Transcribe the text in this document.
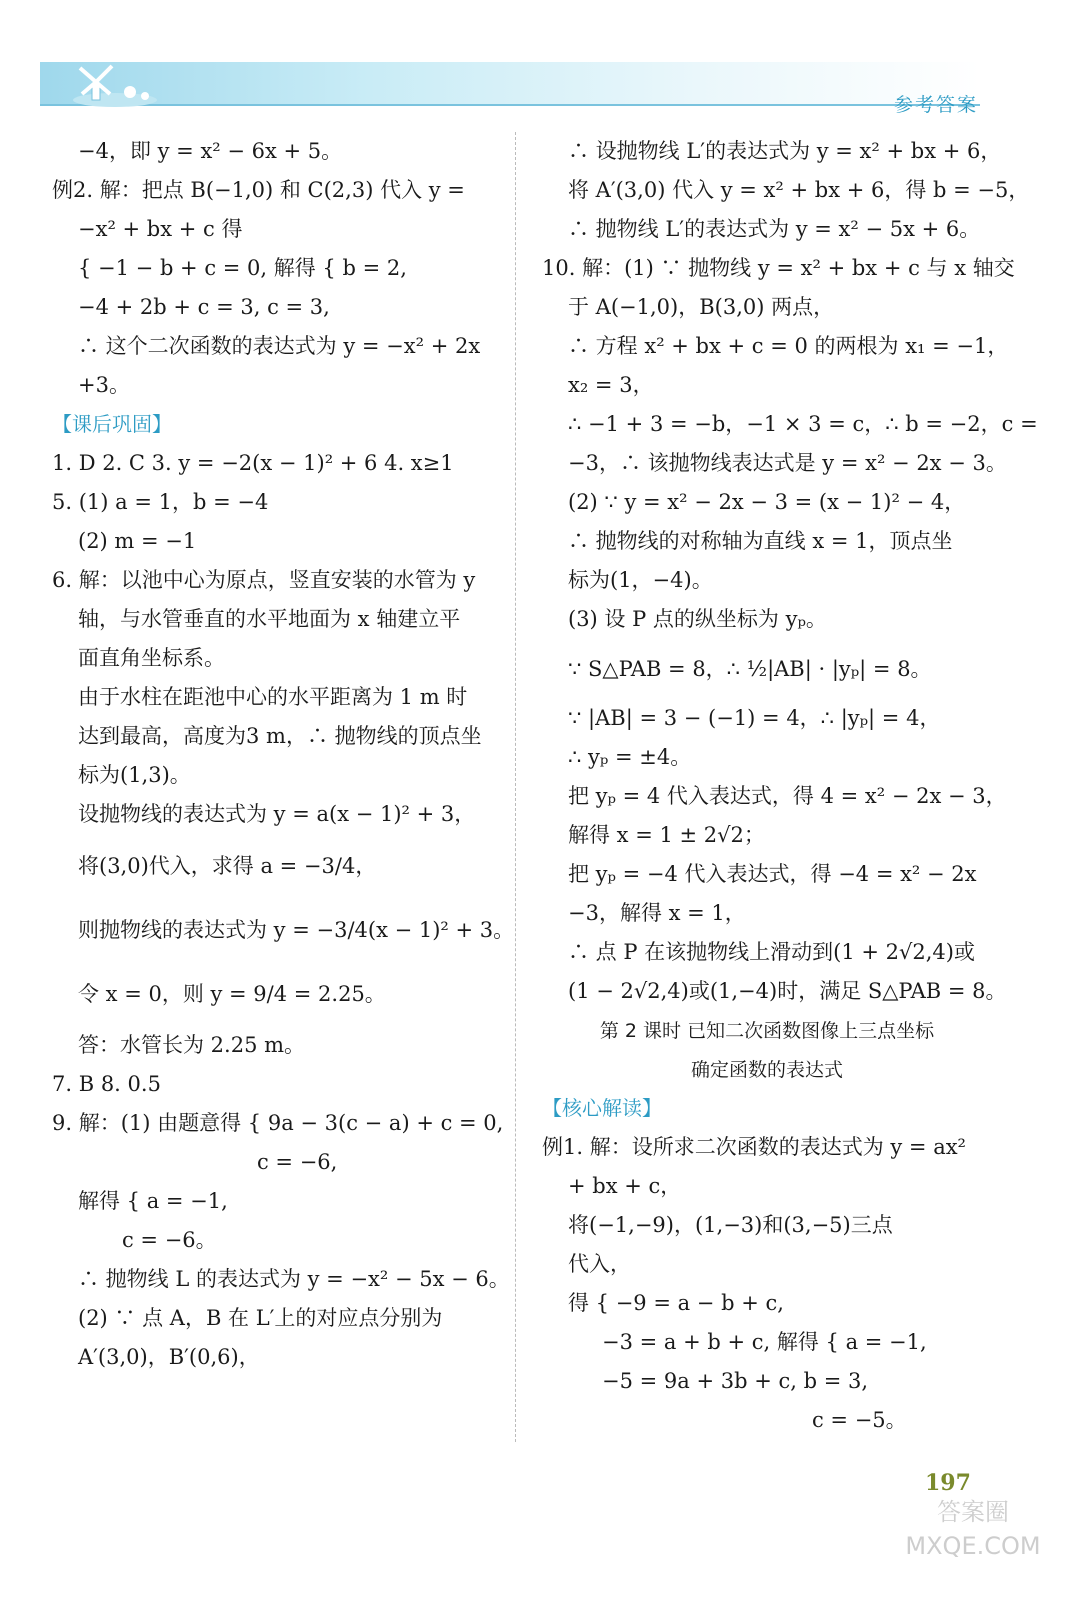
参考答案
−4，即 y = x² − 6x + 5。
例2. 解：把点 B(−1,0) 和 C(2,3) 代入 y =
−x² + bx + c 得
{ −1 − b + c = 0, 解得 { b = 2,
−4 + 2b + c = 3, c = 3,
∴ 这个二次函数的表达式为 y = −x² + 2x
+3。
【课后巩固】
1. D 2. C 3. y = −2(x − 1)² + 6 4. x≥1
5. (1) a = 1，b = −4
(2) m = −1
6. 解：以池中心为原点，竖直安装的水管为 y
轴，与水管垂直的水平地面为 x 轴建立平
面直角坐标系。
由于水柱在距池中心的水平距离为 1 m 时
达到最高，高度为3 m，∴ 抛物线的顶点坐
标为(1,3)。
设抛物线的表达式为 y = a(x − 1)² + 3，
将(3,0)代入，求得 a = −3/4，
则抛物线的表达式为 y = −3/4(x − 1)² + 3。
令 x = 0，则 y = 9/4 = 2.25。
答：水管长为 2.25 m。
7. B 8. 0.5
9. 解：(1) 由题意得 { 9a − 3(c − a) + c = 0,
c = −6,
解得 { a = −1,
c = −6。
∴ 抛物线 L 的表达式为 y = −x² − 5x − 6。
(2) ∵ 点 A，B 在 L′上的对应点分别为
A′(3,0)，B′(0,6)，
∴ 设抛物线 L′的表达式为 y = x² + bx + 6，
将 A′(3,0) 代入 y = x² + bx + 6，得 b = −5，
∴ 抛物线 L′的表达式为 y = x² − 5x + 6。
10. 解：(1) ∵ 抛物线 y = x² + bx + c 与 x 轴交
于 A(−1,0)，B(3,0) 两点，
∴ 方程 x² + bx + c = 0 的两根为 x₁ = −1，
x₂ = 3，
∴ −1 + 3 = −b，−1 × 3 = c，∴ b = −2，c =
−3，∴ 该抛物线表达式是 y = x² − 2x − 3。
(2) ∵ y = x² − 2x − 3 = (x − 1)² − 4，
∴ 抛物线的对称轴为直线 x = 1，顶点坐
标为(1，−4)。
(3) 设 P 点的纵坐标为 yₚ。
∵ S△PAB = 8，∴ ½|AB| · |yₚ| = 8。
∵ |AB| = 3 − (−1) = 4，∴ |yₚ| = 4，
∴ yₚ = ±4。
把 yₚ = 4 代入表达式，得 4 = x² − 2x − 3，
解得 x = 1 ± 2√2；
把 yₚ = −4 代入表达式，得 −4 = x² − 2x
−3，解得 x = 1，
∴ 点 P 在该抛物线上滑动到(1 + 2√2,4)或
(1 − 2√2,4)或(1,−4)时，满足 S△PAB = 8。
第 2 课时 已知二次函数图像上三点坐标
确定函数的表达式
【核心解读】
例1. 解：设所求二次函数的表达式为 y = ax²
+ bx + c，
将(−1,−9)，(1,−3)和(3,−5)三点
代入，
得 { −9 = a − b + c,
−3 = a + b + c, 解得 { a = −1,
−5 = 9a + 3b + c, b = 3,
c = −5。
197
答案圈
MXQE.COM
